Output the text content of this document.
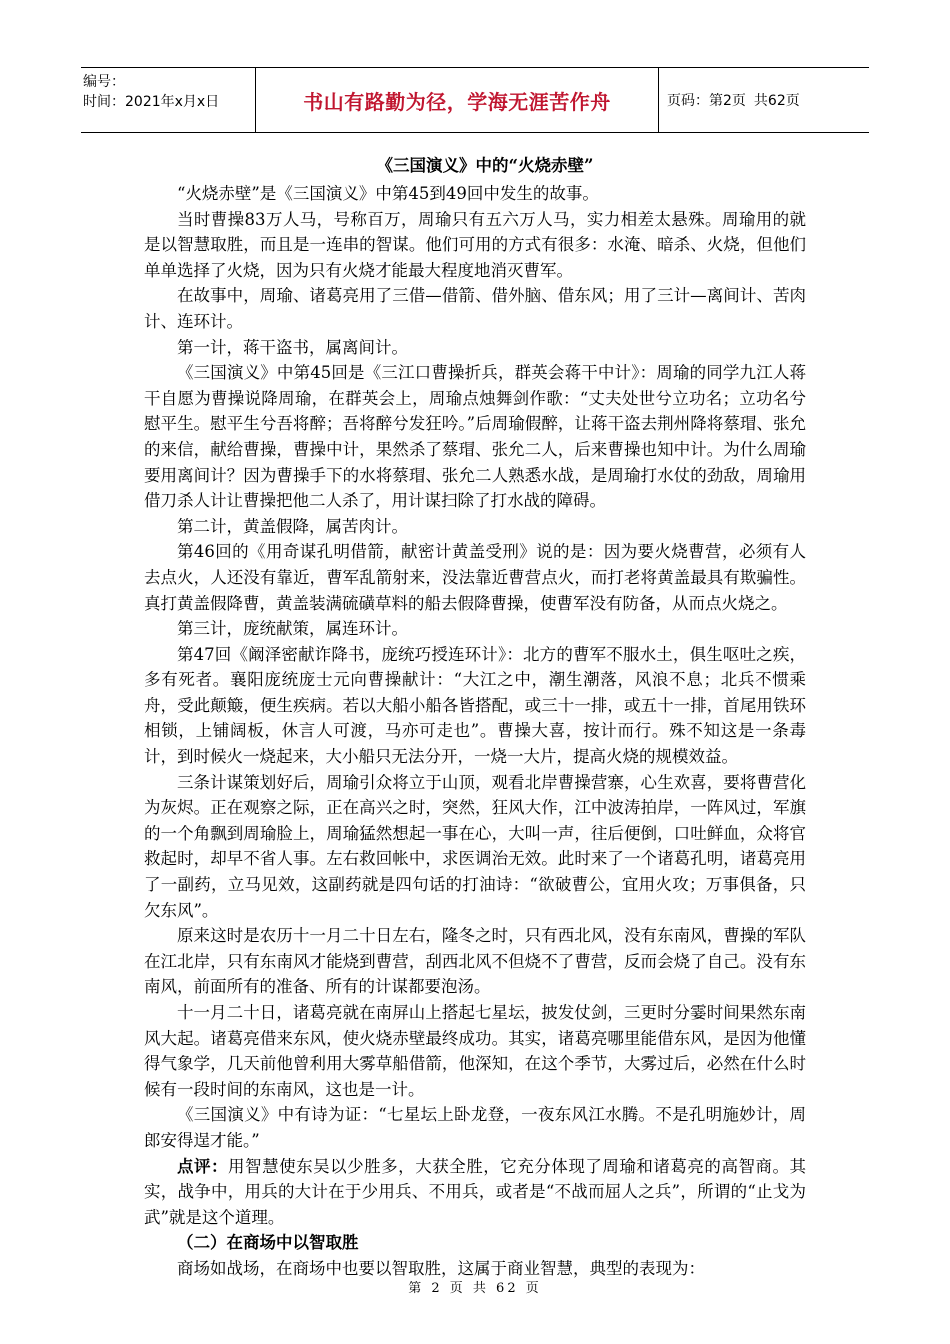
编号：
时间：2021年x月x日	书山有路勤为径，学海无涯苦作舟	页码：第2页 共62页
《三国演义》中的“火烧赤壁”

“火烧赤壁”是《三国演义》中第45到49回中发生的故事。

当时曹操83万人马，号称百万，周瑜只有五六万人马，实力相差太悬殊。周瑜用的就是以智慧取胜，而且是一连串的智谋。他们可用的方式有很多：水淹、暗杀、火烧，但他们单单选择了火烧，因为只有火烧才能最大程度地消灭曹军。

在故事中，周瑜、诸葛亮用了三借—借箭、借外脑、借东风；用了三计—离间计、苦肉计、连环计。

第一计，蒋干盗书，属离间计。

《三国演义》中第45回是《三江口曹操折兵，群英会蒋干中计》：周瑜的同学九江人蒋干自愿为曹操说降周瑜，在群英会上，周瑜点烛舞剑作歌：“丈夫处世兮立功名；立功名兮慰平生。慰平生兮吾将醉；吾将醉兮发狂吟。”后周瑜假醉，让蒋干盗去荆州降将蔡瑁、张允的来信，献给曹操，曹操中计，果然杀了蔡瑁、张允二人，后来曹操也知中计。为什么周瑜要用离间计？因为曹操手下的水将蔡瑁、张允二人熟悉水战，是周瑜打水仗的劲敌，周瑜用借刀杀人计让曹操把他二人杀了，用计谋扫除了打水战的障碍。

第二计，黄盖假降，属苦肉计。

第46回的《用奇谋孔明借箭，献密计黄盖受刑》说的是：因为要火烧曹营，必须有人去点火，人还没有靠近，曹军乱箭射来，没法靠近曹营点火，而打老将黄盖最具有欺骗性。真打黄盖假降曹，黄盖装满硫磺草料的船去假降曹操，使曹军没有防备，从而点火烧之。

第三计，庞统献策，属连环计。

第47回《阚泽密献诈降书，庞统巧授连环计》：北方的曹军不服水土，俱生呕吐之疾，多有死者。襄阳庞统庞士元向曹操献计：“大江之中，潮生潮落，风浪不息；北兵不惯乘舟，受此颠簸，便生疾病。若以大船小船各皆搭配，或三十一排，或五十一排，首尾用铁环相锁，上铺阔板，休言人可渡，马亦可走也”。曹操大喜，按计而行。殊不知这是一条毒计，到时候火一烧起来，大小船只无法分开，一烧一大片，提高火烧的规模效益。

三条计谋策划好后，周瑜引众将立于山顶，观看北岸曹操营寨，心生欢喜，要将曹营化为灰烬。正在观察之际，正在高兴之时，突然，狂风大作，江中波涛拍岸，一阵风过，军旗的一个角飘到周瑜脸上，周瑜猛然想起一事在心，大叫一声，往后便倒，口吐鲜血，众将官救起时，却早不省人事。左右救回帐中，求医调治无效。此时来了一个诸葛孔明，诸葛亮用了一副药，立马见效，这副药就是四句话的打油诗：“欲破曹公，宜用火攻；万事俱备，只欠东风”。

原来这时是农历十一月二十日左右，隆冬之时，只有西北风，没有东南风，曹操的军队在江北岸，只有东南风才能烧到曹营，刮西北风不但烧不了曹营，反而会烧了自己。没有东南风，前面所有的准备、所有的计谋都要泡汤。

十一月二十日，诸葛亮就在南屏山上搭起七星坛，披发仗剑，三更时分霎时间果然东南风大起。诸葛亮借来东风，使火烧赤壁最终成功。其实，诸葛亮哪里能借东风，是因为他懂得气象学，几天前他曾利用大雾草船借箭，他深知，在这个季节，大雾过后，必然在什么时候有一段时间的东南风，这也是一计。

《三国演义》中有诗为证：“七星坛上卧龙登，一夜东风江水腾。不是孔明施妙计，周郎安得逞才能。”

点评：用智慧使东吴以少胜多，大获全胜，它充分体现了周瑜和诸葛亮的高智商。其实，战争中，用兵的大计在于少用兵、不用兵，或者是“不战而屈人之兵”，所谓的“止戈为武”就是这个道理。

（二）在商场中以智取胜

商场如战场，在商场中也要以智取胜，这属于商业智慧，典型的表现为：

第 2 页 共 62 页
